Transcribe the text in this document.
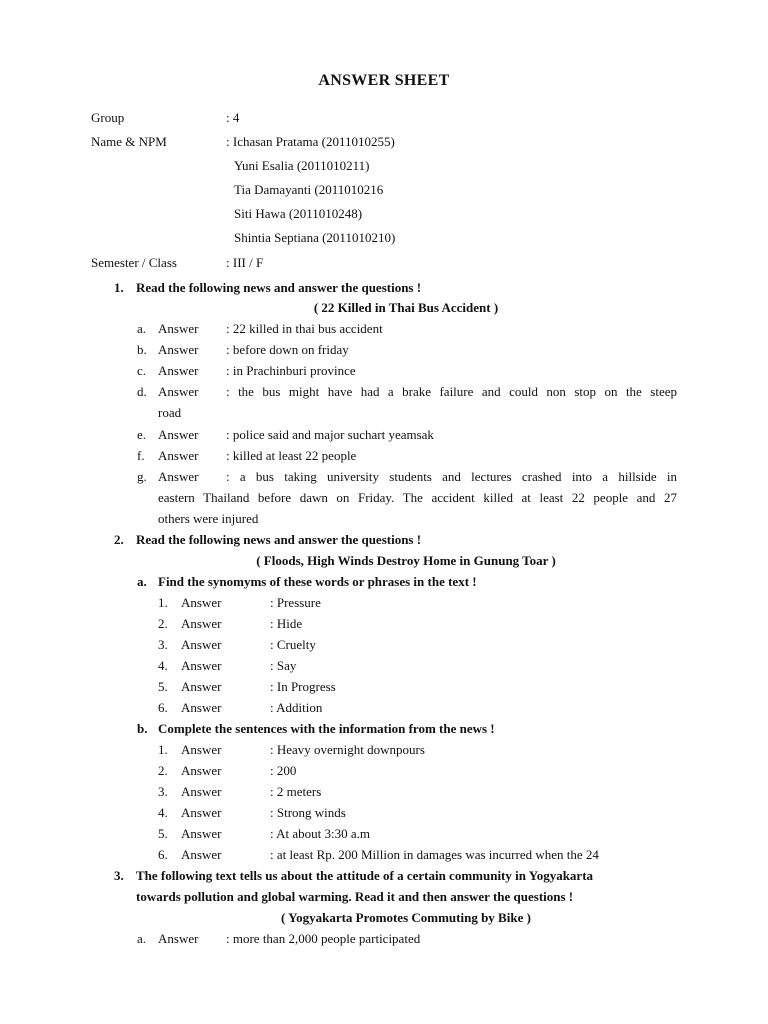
ANSWER SHEET
Group	: 4
Name & NPM	: Ichasan Pratama (2011010255)
Yuni Esalia (2011010211)
Tia Damayanti (2011010216
Siti Hawa (2011010248)
Shintia Septiana (2011010210)
Semester / Class	: III / F
1. Read the following news and answer the questions !
( 22 Killed in Thai Bus Accident )
a. Answer : 22 killed in thai bus accident
b. Answer : before down on friday
c. Answer : in Prachinburi province
d. Answer : the bus might have had a brake failure and could non stop on the steep
road
e. Answer : police said and major suchart yeamsak
f. Answer : killed at least 22 people
g. Answer : a bus taking university students and lectures crashed into a hillside in
eastern Thailand before dawn on Friday. The accident killed at least 22 people and 27
others were injured
2. Read the following news and answer the questions !
( Floods, High Winds Destroy Home in Gunung Toar )
a. Find the synomyms of these words or phrases in the text !
1. Answer	: Pressure
2. Answer	: Hide
3. Answer	: Cruelty
4. Answer	: Say
5. Answer	: In Progress
6. Answer	: Addition
b. Complete the sentences with the information from the news !
1. Answer	: Heavy overnight downpours
2. Answer	: 200
3. Answer	: 2 meters
4. Answer	: Strong winds
5. Answer	: At about 3:30 a.m
6. Answer	: at least Rp. 200 Million in damages was incurred when the 24
3. The following text tells us about the attitude of a certain community in Yogyakarta
towards pollution and global warming. Read it and then answer the questions !
( Yogyakarta Promotes Commuting by Bike )
a. Answer : more than 2,000 people participated
